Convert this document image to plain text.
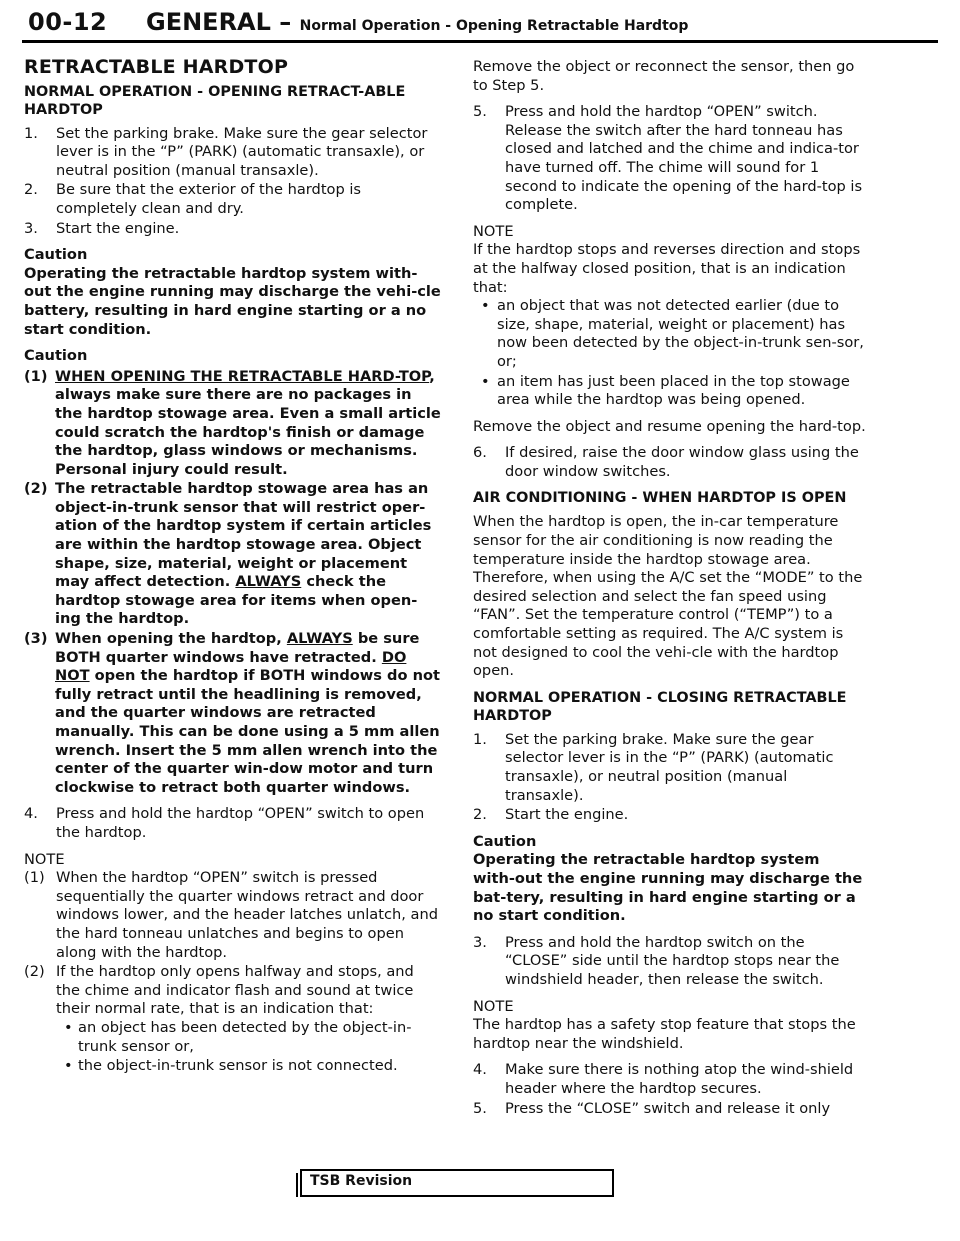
00-12 GENERAL – Normal Operation - Opening Retractable Hardtop
RETRACTABLE HARDTOP
NORMAL OPERATION - OPENING RETRACT-ABLE HARDTOP
1. Set the parking brake. Make sure the gear selector lever is in the “P” (PARK) (automatic transaxle), or neutral position (manual transaxle).
2. Be sure that the exterior of the hardtop is completely clean and dry.
3. Start the engine.

Caution
Operating the retractable hardtop system with-out the engine running may discharge the vehi-cle battery, resulting in hard engine starting or a no start condition.

Caution

(1) WHEN OPENING THE RETRACTABLE HARD-TOP, always make sure there are no packages in the hardtop stowage area. Even a small article could scratch the hardtop's finish or damage the hardtop, glass windows or mechanisms. Personal injury could result.
(2) The retractable hardtop stowage area has an object-in-trunk sensor that will restrict oper-ation of the hardtop system if certain articles are within the hardtop stowage area. Object shape, size, material, weight or placement may affect detection. ALWAYS check the hardtop stowage area for items when open-ing the hardtop.
(3) When opening the hardtop, ALWAYS be sure BOTH quarter windows have retracted. DO NOT open the hardtop if BOTH windows do not fully retract until the headlining is removed, and the quarter windows are retracted manually. This can be done using a 5 mm allen wrench. Insert the 5 mm allen wrench into the center of the quarter win-dow motor and turn clockwise to retract both quarter windows.
4. Press and hold the hardtop “OPEN” switch to open the hardtop.

NOTE

(1) When the hardtop “OPEN” switch is pressed sequentially the quarter windows retract and door windows lower, and the header latches unlatch, and the hard tonneau unlatches and begins to open along with the hardtop.
(2) If the hardtop only opens halfway and stops, and the chime and indicator flash and sound at twice their normal rate, that is an indication that:
• an object has been detected by the object-in-trunk sensor or,
• the object-in-trunk sensor is not connected.

Remove the object or reconnect the sensor, then go to Step 5.

5. Press and hold the hardtop “OPEN” switch. Release the switch after the hard tonneau has closed and latched and the chime and indica-tor have turned off. The chime will sound for 1 second to indicate the opening of the hard-top is complete.

NOTE

If the hardtop stops and reverses direction and stops at the halfway closed position, that is an indication that:

• an object that was not detected earlier (due to size, shape, material, weight or placement) has now been detected by the object-in-trunk sen-sor, or;
• an item has just been placed in the top stowage area while the hardtop was being opened.

Remove the object and resume opening the hard-top.

6. If desired, raise the door window glass using the door window switches.
AIR CONDITIONING - WHEN HARDTOP IS OPEN

When the hardtop is open, the in-car temperature sensor for the air conditioning is now reading the temperature inside the hardtop stowage area. Therefore, when using the A/C set the “MODE” to the desired selection and select the fan speed using “FAN”. Set the temperature control (“TEMP”) to a comfortable setting as required. The A/C system is not designed to cool the vehi-cle with the hardtop open.

NORMAL OPERATION - CLOSING RETRACTABLE HARDTOP
1. Set the parking brake. Make sure the gear selector lever is in the “P” (PARK) (automatic transaxle), or neutral position (manual transaxle).
2. Start the engine.

Caution
Operating the retractable hardtop system with-out the engine running may discharge the bat-tery, resulting in hard engine starting or a no start condition.

3. Press and hold the hardtop switch on the “CLOSE” side until the hardtop stops near the windshield header, then release the switch.

NOTE

The hardtop has a safety stop feature that stops the hardtop near the windshield.

4. Make sure there is nothing atop the wind-shield header where the hardtop secures.
5. Press the “CLOSE” switch and release it only
TSB Revision
